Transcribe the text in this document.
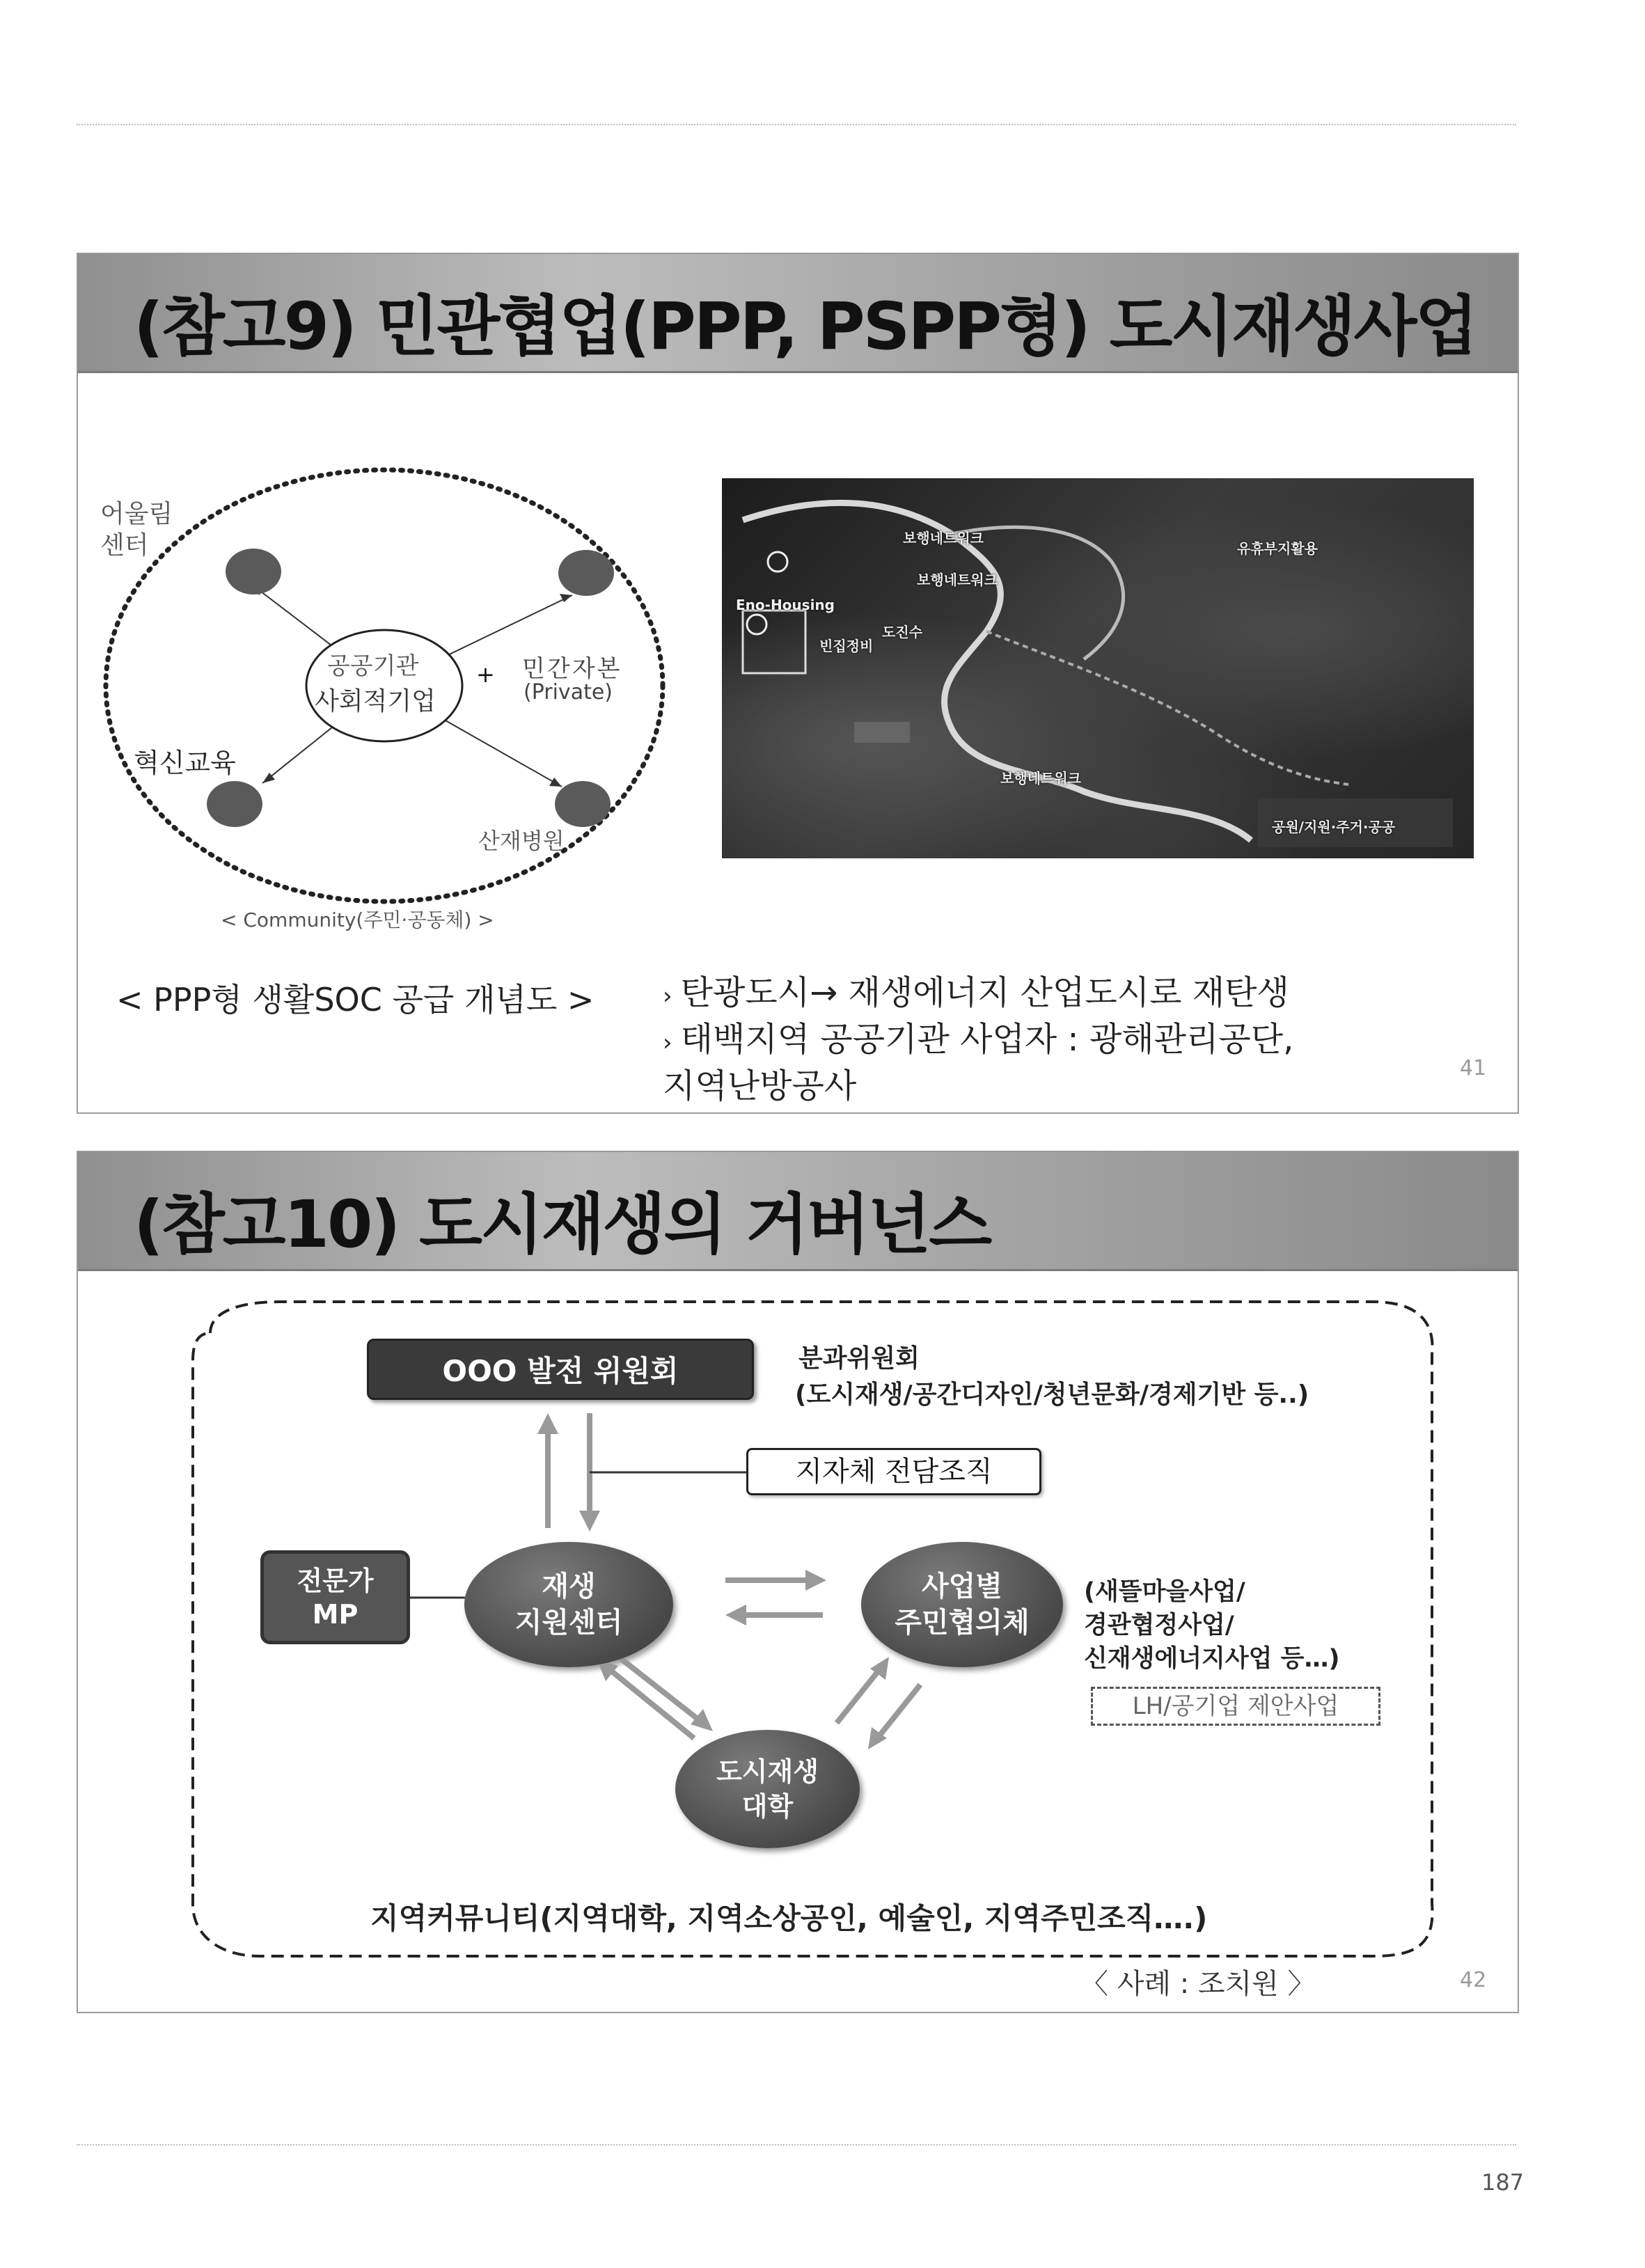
(참고9) 민관협업(PPP, PSPP형) 도시재생사업
어울림
센터
공공기관
사회적기업
+ 민간자본
(Private)
혁신교육
산재병원
< Community(주민·공동체) >
Eno-Housing
도진수
빈집정비
보행네트워크
보행네트워크
보행네트워크
유휴부지활용
공원/지원·주거·공공
< PPP형 생활SOC 공급 개념도 >	› 탄광도시→ 재생에너지 산업도시로 재탄생
› 태백지역 공공기관 사업자 : 광해관리공단,
지역난방공사	41
(참고10) 도시재생의 거버넌스
OOO 발전 위원회	분과위원회
(도시재생/공간디자인/청년문화/경제기반 등..)
지자체 전담조직
전문가
MP
재생
지원센터
사업별
주민협의체
도시재생
대학
(새뜰마을사업/
경관협정사업/
신재생에너지사업 등…)
LH/공기업 제안사업
지역커뮤니티(지역대학, 지역소상공인, 예술인, 지역주민조직….)
〈 사례 : 조치원 〉	42
187
